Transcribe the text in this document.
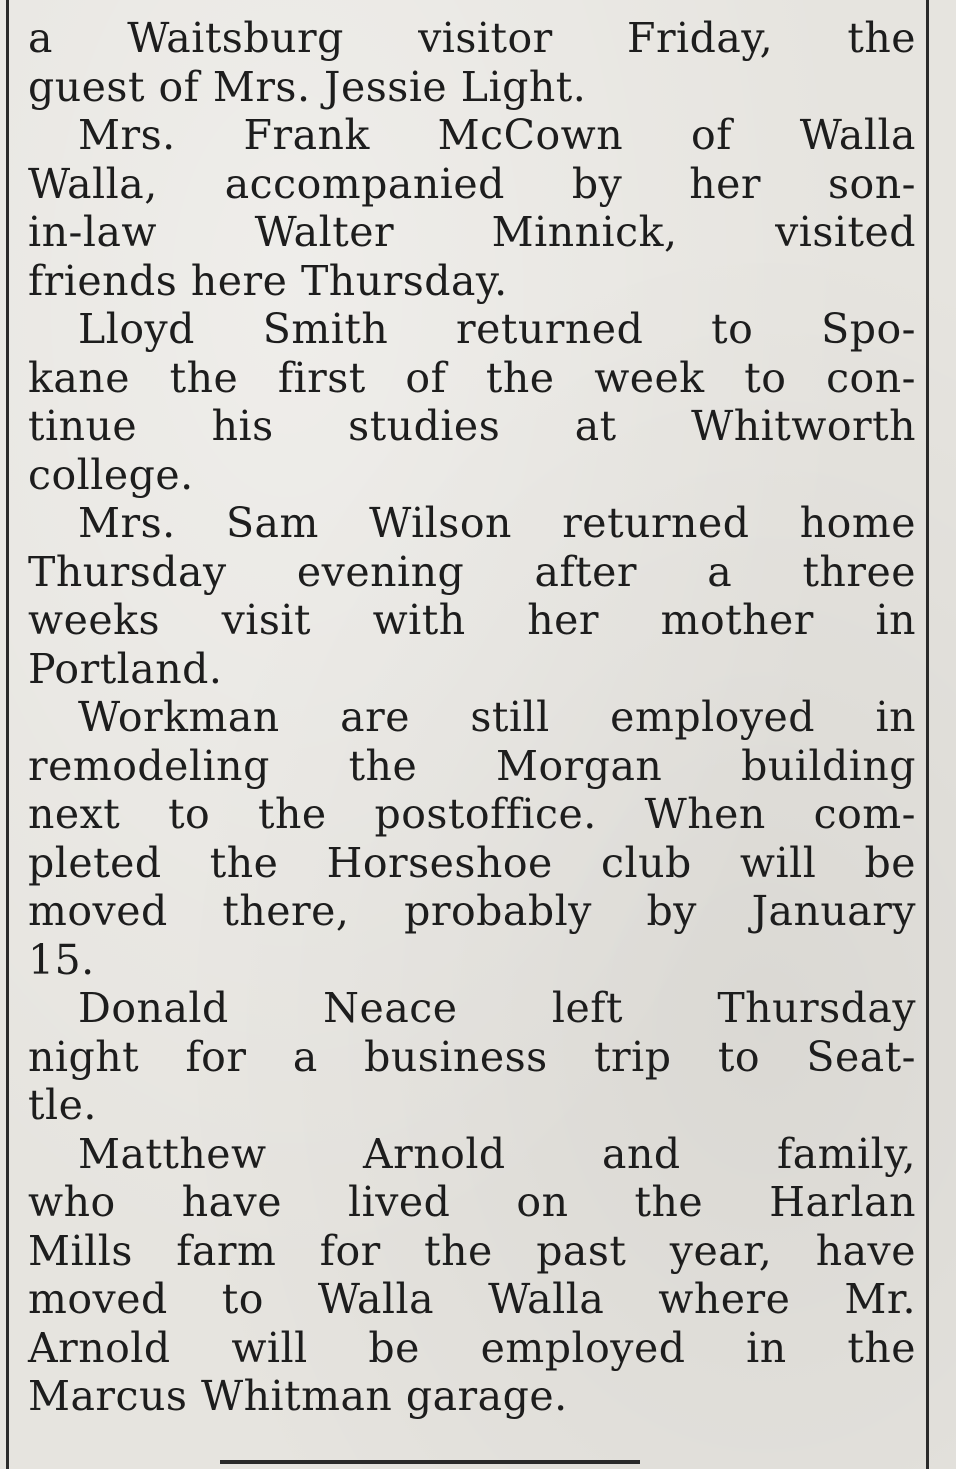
a Waitsburg visitor Friday, the
guest of Mrs. Jessie Light.
Mrs. Frank McCown of Walla
Walla, accompanied by her son-
in-law Walter Minnick, visited
friends here Thursday.
Lloyd Smith returned to Spo-
kane the first of the week to con-
tinue his studies at Whitworth
college.
Mrs. Sam Wilson returned home
Thursday evening after a three
weeks visit with her mother in
Portland.
Workman are still employed in
remodeling the Morgan building
next to the postoffice. When com-
pleted the Horseshoe club will be
moved there, probably by January
15.
Donald Neace left Thursday
night for a business trip to Seat-
tle.
Matthew Arnold and family,
who have lived on the Harlan
Mills farm for the past year, have
moved to Walla Walla where Mr.
Arnold will be employed in the
Marcus Whitman garage.
